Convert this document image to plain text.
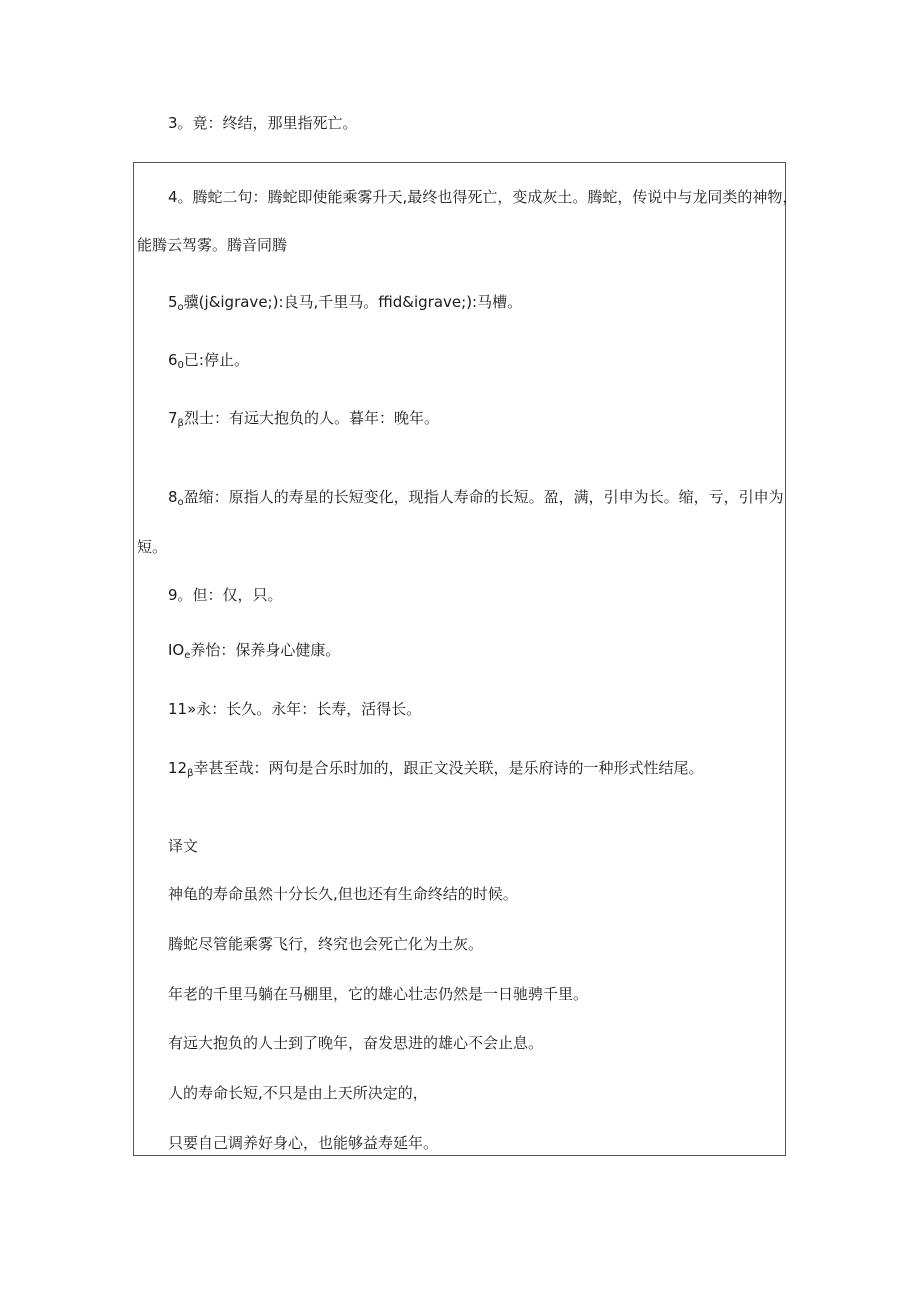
3。竟：终结，那里指死亡。
4。腾蛇二句：腾蛇即使能乘雾升天,最终也得死亡，变成灰土。腾蛇，传说中与龙同类的神物，
能腾云驾雾。腾音同腾
$5_o$骥(j&igrave;):良马,千里马。ffid&igrave;):马槽。
$6_0$已:停止。
$7_\beta$烈士：有远大抱负的人。暮年：晚年。
$8_o$盈缩：原指人的寿星的长短变化，现指人寿命的长短。盈，满，引申为长。缩，亏，引申为
短。
9。但：仅，只。
$IO_e$养怡：保养身心健康。
11»永：长久。永年：长寿，活得长。
$12_\beta$幸甚至哉：两句是合乐时加的，跟正文没关联，是乐府诗的一种形式性结尾。
译文
神龟的寿命虽然十分长久,但也还有生命终结的时候。
腾蛇尽管能乘雾飞行，终究也会死亡化为土灰。
年老的千里马躺在马棚里，它的雄心壮志仍然是一日驰骋千里。
有远大抱负的人士到了晚年，奋发思进的雄心不会止息。
人的寿命长短,不只是由上天所决定的，
只要自己调养好身心，也能够益寿延年。
